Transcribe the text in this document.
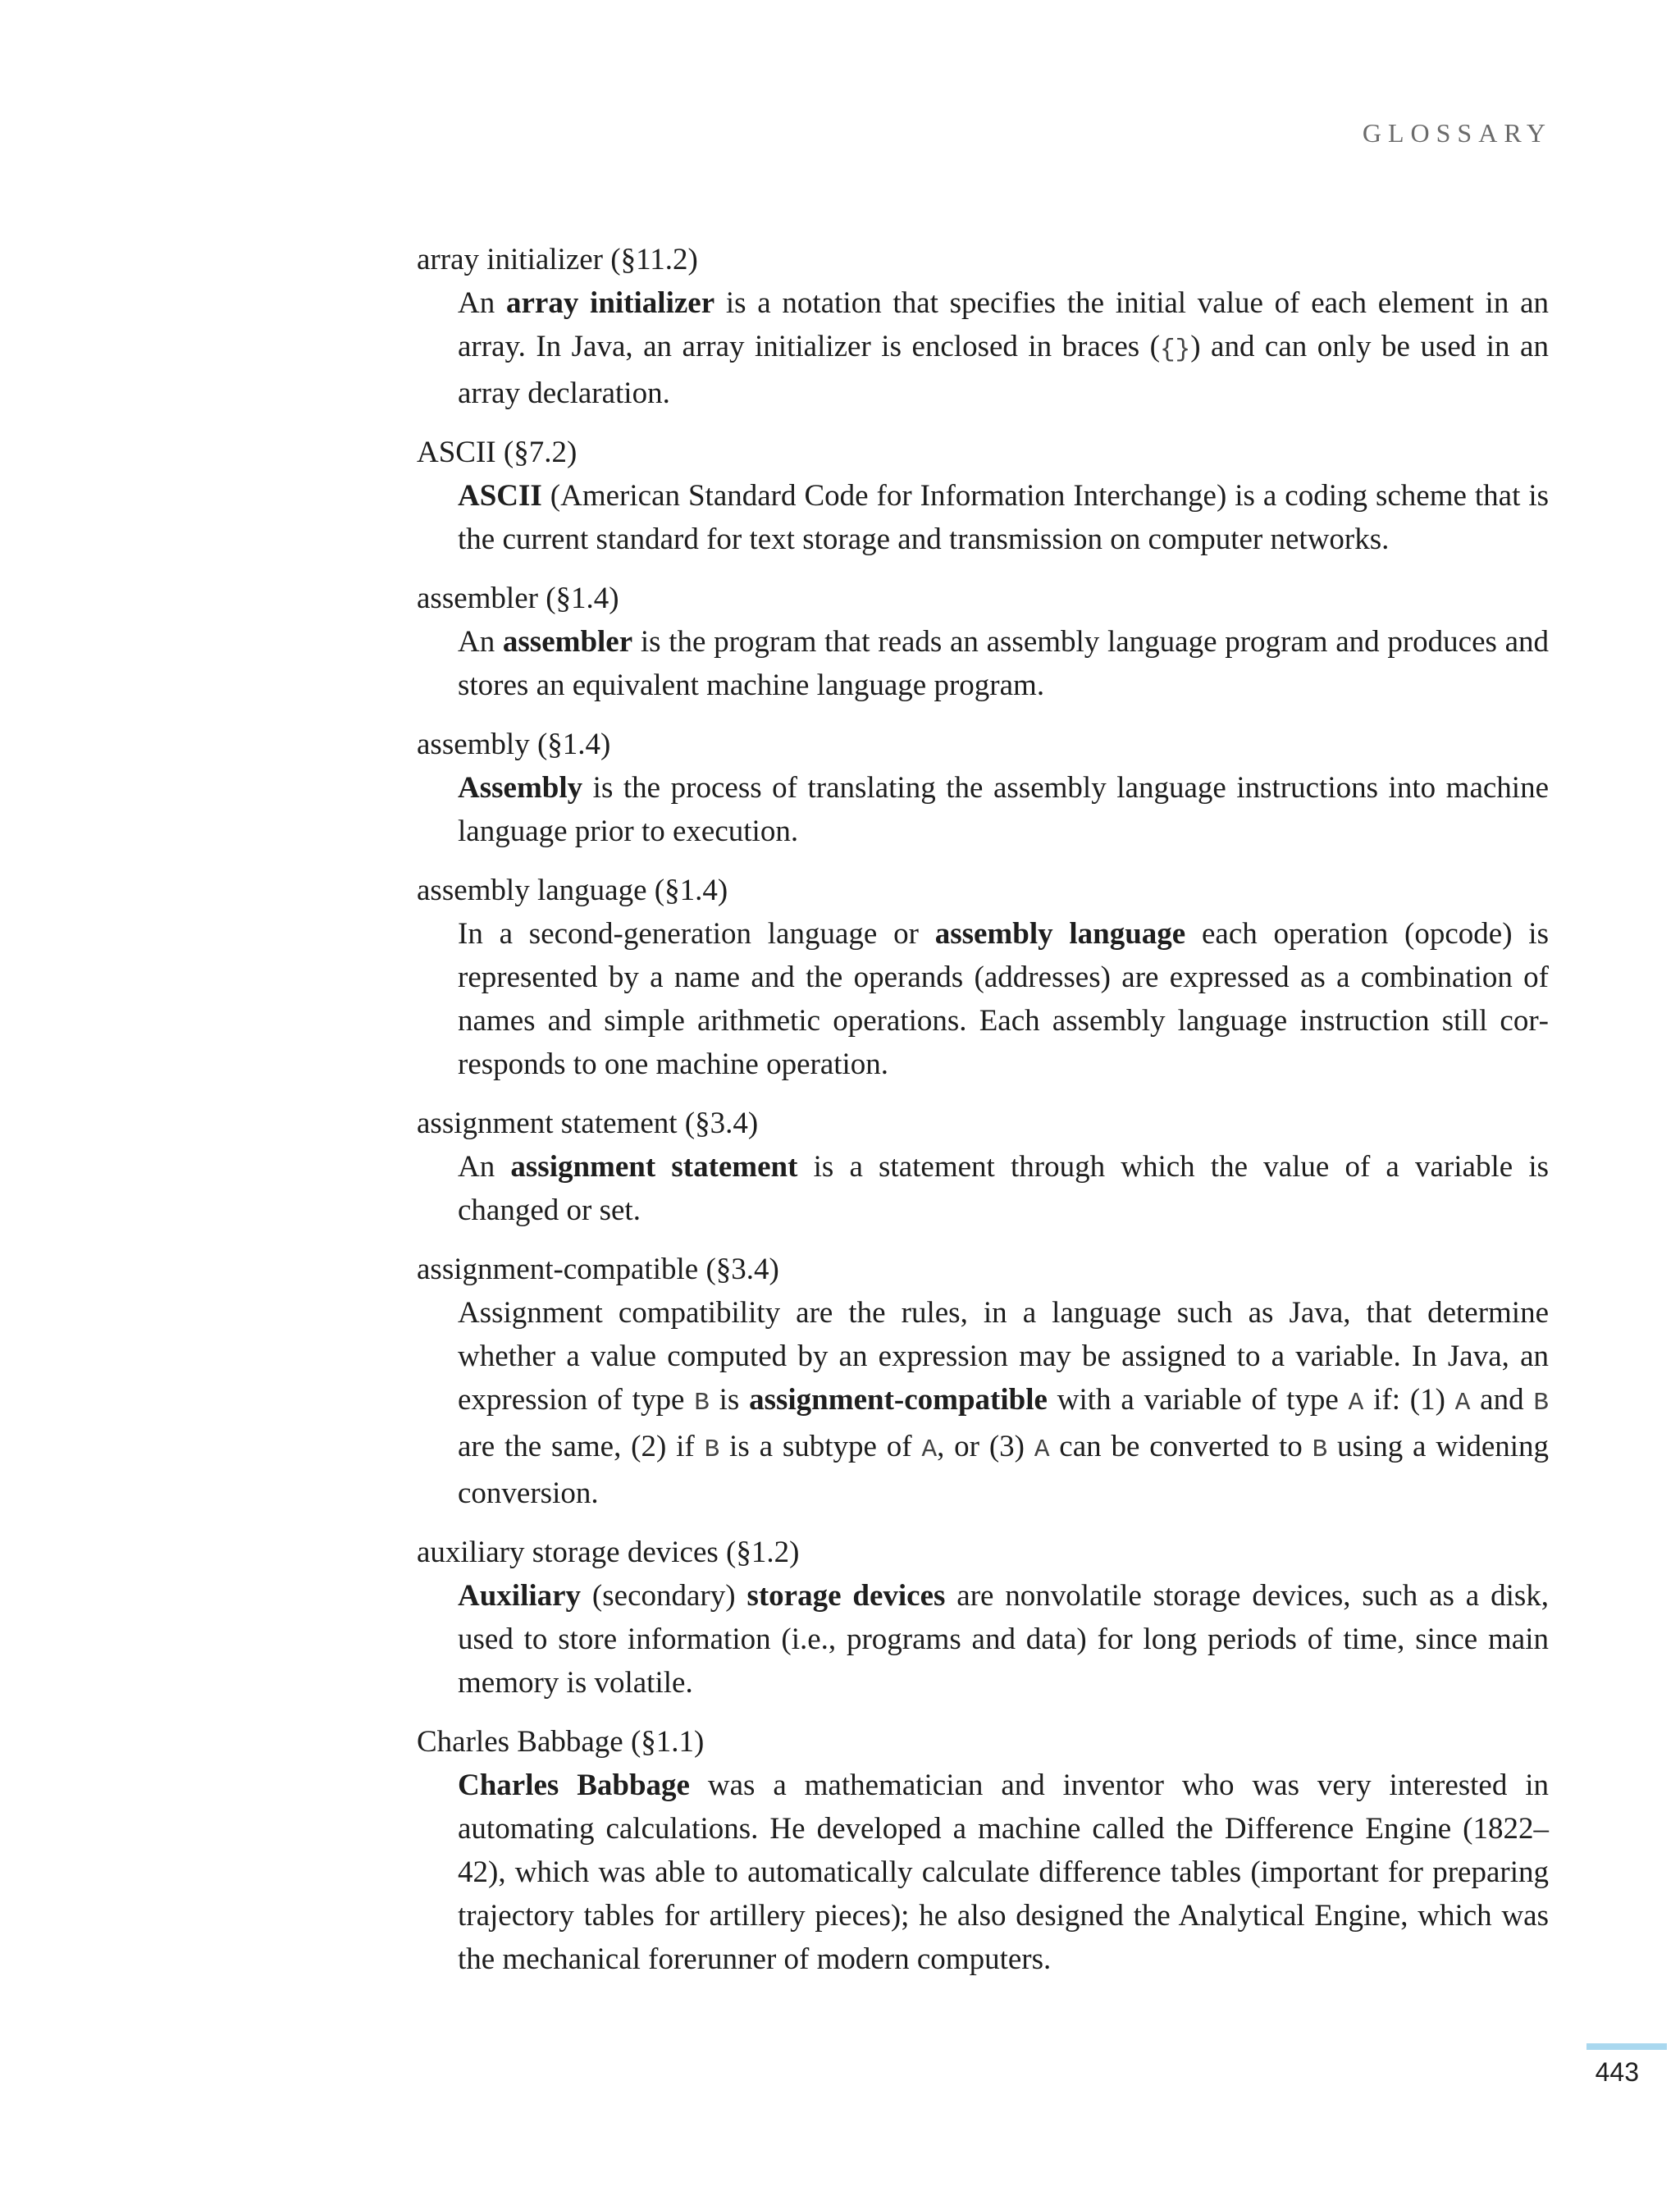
GLOSSARY
array initializer (§11.2)
An array initializer is a notation that specifies the initial value of each element in an array. In Java, an array initializer is enclosed in braces ({}) and can only be used in an array declaration.
ASCII (§7.2)
ASCII (American Standard Code for Information Interchange) is a coding scheme that is the current standard for text storage and transmission on computer networks.
assembler (§1.4)
An assembler is the program that reads an assembly language program and produces and stores an equivalent machine language program.
assembly (§1.4)
Assembly is the process of translating the assembly language instructions into machine language prior to execution.
assembly language (§1.4)
In a second-generation language or assembly language each operation (opcode) is represented by a name and the operands (addresses) are expressed as a combination of names and simple arithmetic operations. Each assembly language instruction still corresponds to one machine operation.
assignment statement (§3.4)
An assignment statement is a statement through which the value of a variable is changed or set.
assignment-compatible (§3.4)
Assignment compatibility are the rules, in a language such as Java, that determine whether a value computed by an expression may be assigned to a variable. In Java, an expression of type B is assignment-compatible with a variable of type A if: (1) A and B are the same, (2) if B is a subtype of A, or (3) A can be converted to B using a widening conversion.
auxiliary storage devices (§1.2)
Auxiliary (secondary) storage devices are nonvolatile storage devices, such as a disk, used to store information (i.e., programs and data) for long periods of time, since main memory is volatile.
Charles Babbage (§1.1)
Charles Babbage was a mathematician and inventor who was very interested in automating calculations. He developed a machine called the Difference Engine (1822–42), which was able to automatically calculate difference tables (important for preparing trajectory tables for artillery pieces); he also designed the Analytical Engine, which was the mechanical forerunner of modern computers.
443
